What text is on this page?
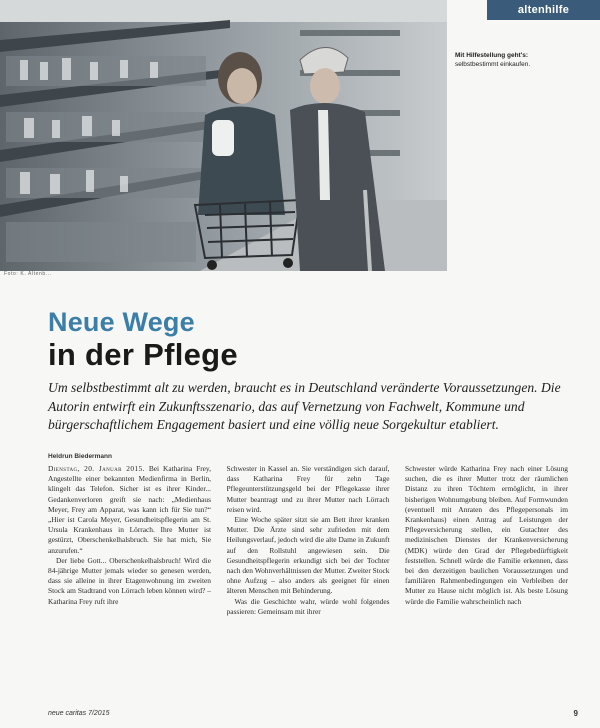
altenhilfe
Foto: K. Altenb...
Mit Hilfestellung geht's:
selbstbestimmt einkaufen.
Neue Wege
in der Pflege
Um selbstbestimmt alt zu werden, braucht es in Deutschland veränderte Voraussetzungen. Die Autorin entwirft ein Zukunftsszenario, das auf Vernetzung von Fachwelt, Kommune und bürgerschaftlichem Engagement basiert und eine völlig neue Sorgekultur etabliert.
Heldrun Biedermann

Dienstag, 20. Januar 2015. Bei Katharina Frey, Angestellte einer bekannten Medienfirma in Berlin, klingelt das Telefon. Sicher ist es ihrer Kinder... Gedankenverloren greift sie nach: „Medienhaus Meyer, Frey am Apparat, was kann ich für Sie tun?“ „Hier ist Carola Meyer, Gesundheitspflegerin am St. Ursula Krankenhaus in Lörrach. Ihre Mutter ist gestürzt, Oberschenkelhalsbruch. Sie hat mich, Sie anzurufen.“

Der liebe Gott... Oberschenkelhalsbruch! Wird die 84-jährige Mutter jemals wieder so genesen werden, dass sie alleine in ihrer Etagenwohnung im zweiten Stock am Stadtrand von Lörrach leben können wird? – Katharina Frey ruft ihre

Schwester in Kassel an. Sie verständigen sich darauf, dass Katharina Frey für zehn Tage Pflegeunterstützungsgeld bei der Pflegekasse ihrer Mutter beantragt und zu ihrer Mutter nach Lörrach reisen wird.

Eine Woche später sitzt sie am Bett ihrer kranken Mutter. Die Ärzte sind sehr zufrieden mit dem Heilungsverlauf, jedoch wird die alte Dame in Zukunft auf den Rollstuhl angewiesen sein. Die Gesundheitspflegerin erkundigt sich bei der Tochter nach den Wohnverhältnissen der Mutter. Zweiter Stock ohne Aufzug – also anders als geeignet für einen älteren Menschen mit Behinderung.

Was die Geschichte wahr, würde wohl folgendes passieren: Gemeinsam mit ihrer

Schwester würde Katharina Frey nach einer Lösung suchen, die es ihrer Mutter trotz der räumlichen Distanz zu ihren Töchtern ermöglicht, in ihrer bisherigen Wohnumgebung bleiben. Auf Formwunden (eventuell mit Anraten des Pflegepersonals im Krankenhaus) einen Antrag auf Leistungen der Pflegeversicherung stellen, ein Gutachter des medizinischen Dienstes der Krankenversicherung (MDK) würde den Grad der Pflegebedürftigkeit feststellen. Schnell würde die Familie erkennen, dass bei den derzeitigen baulichen Voraussetzungen und familiären Rahmenbedingungen ein Verbleiben der Mutter zu Hause nicht möglich ist. Als beste Lösung würde die Familie wahrscheinlich nach

neue caritas 7/2015	9
